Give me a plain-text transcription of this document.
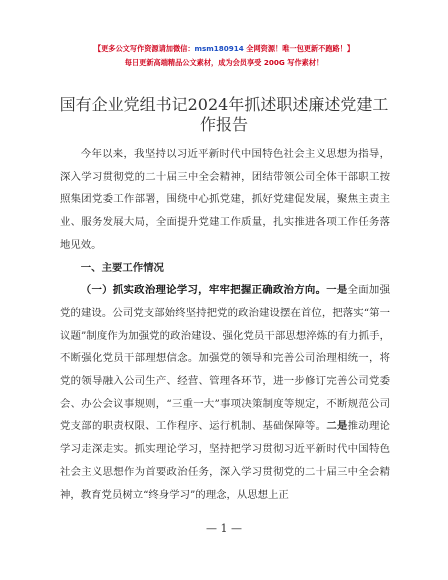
【更多公文写作资源请加微信：msm180914 全网资源！唯一包更新不跑路！】
每日更新高端精品公文素材，成为会员享受 200G 写作素材！
国有企业党组书记2024年抓述职述廉述党建工
作报告

今年以来，我坚持以习近平新时代中国特色社会主义思想为指导，深入学习贯彻党的二十届三中全会精神，团结带领公司全体干部职工按照集团党委工作部署，围绕中心抓党建，抓好党建促发展，聚焦主责主业、服务发展大局，全面提升党建工作质量，扎实推进各项工作任务落地见效。

一、主要工作情况

（一）抓实政治理论学习，牢牢把握正确政治方向。一是全面加强党的建设。公司党支部始终坚持把党的政治建设摆在首位，把落实“第一议题”制度作为加强党的政治建设、强化党员干部思想淬炼的有力抓手，不断强化党员干部理想信念。加强党的领导和完善公司治理相统一，将党的领导融入公司生产、经营、管理各环节，进一步修订完善公司党委会、办公会议事规则，“三重一大”事项决策制度等规定，不断规范公司党支部的职责权限、工作程序、运行机制、基础保障等。二是推动理论学习走深走实。抓实理论学习，坚持把学习贯彻习近平新时代中国特色社会主义思想作为首要政治任务，深入学习贯彻党的二十届三中全会精神，教育党员树立“终身学习”的理念，从思想上正

— 1 —
